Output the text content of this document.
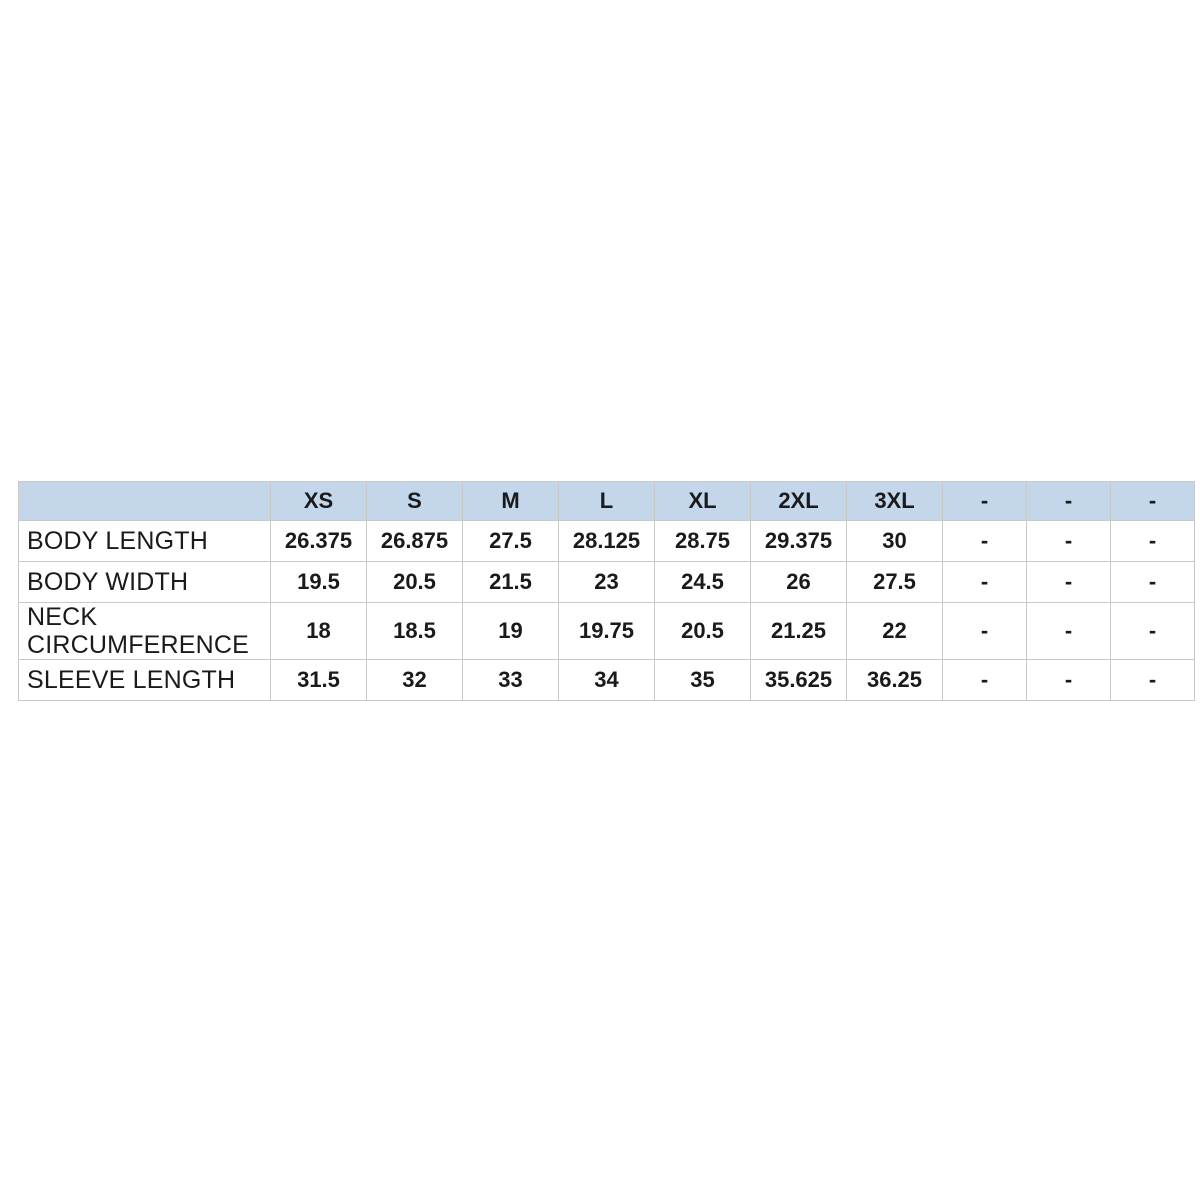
	XS	S	M	L	XL	2XL	3XL	-	-	-
BODY LENGTH	26.375	26.875	27.5	28.125	28.75	29.375	30	-	-	-
BODY WIDTH	19.5	20.5	21.5	23	24.5	26	27.5	-	-	-

NECK
CIRCUMFERENCE	18	18.5	19	19.75	20.5	21.25	22	-	-	-
SLEEVE LENGTH	31.5	32	33	34	35	35.625	36.25	-	-	-
